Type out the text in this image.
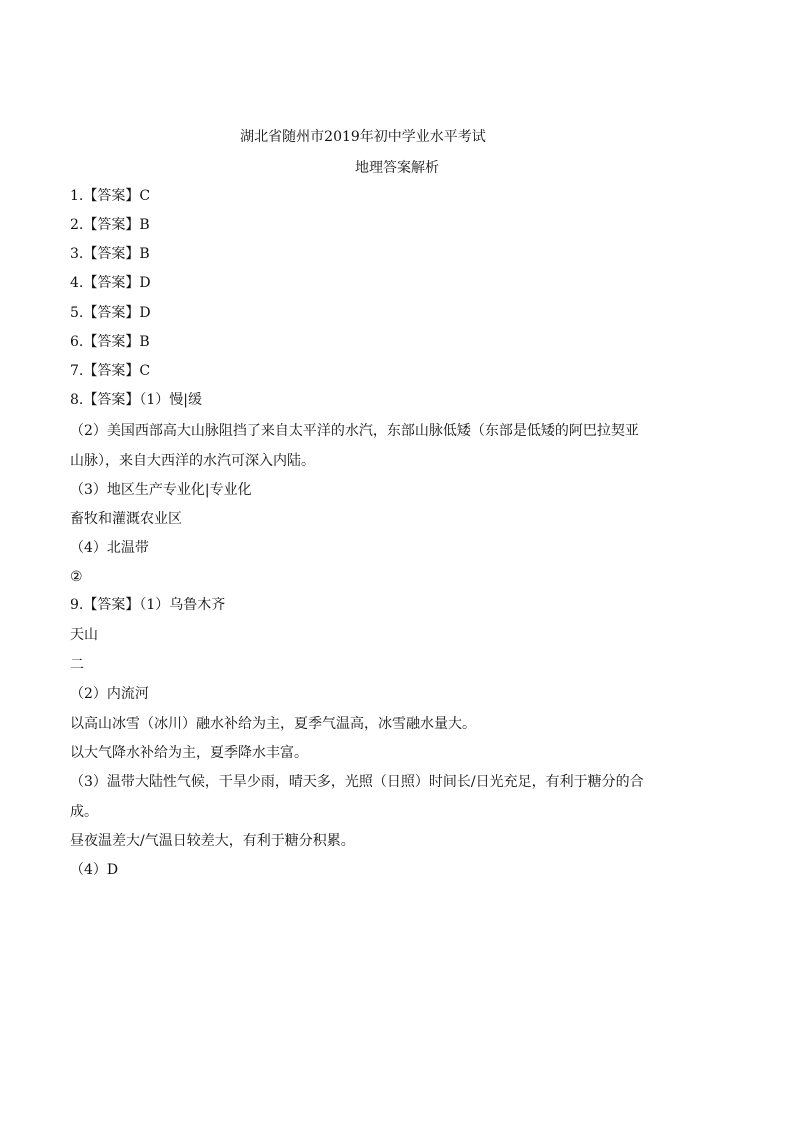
湖北省随州市2019年初中学业水平考试
地理答案解析
1.【答案】C
2.【答案】B
3.【答案】B
4.【答案】D
5.【答案】D
6.【答案】B
7.【答案】C
8.【答案】（1）慢|缓
（2）美国西部高大山脉阻挡了来自太平洋的水汽，东部山脉低矮（东部是低矮的阿巴拉契亚
山脉），来自大西洋的水汽可深入内陆。
（3）地区生产专业化|专业化
畜牧和灌溉农业区
（4）北温带
②
9.【答案】（1）乌鲁木齐
天山
二
（2）内流河
以高山冰雪（冰川）融水补给为主，夏季气温高，冰雪融水量大。
以大气降水补给为主，夏季降水丰富。
（3）温带大陆性气候，干旱少雨，晴天多，光照（日照）时间长/日光充足，有利于糖分的合
成。
昼夜温差大/气温日较差大，有利于糖分积累。
（4）D
